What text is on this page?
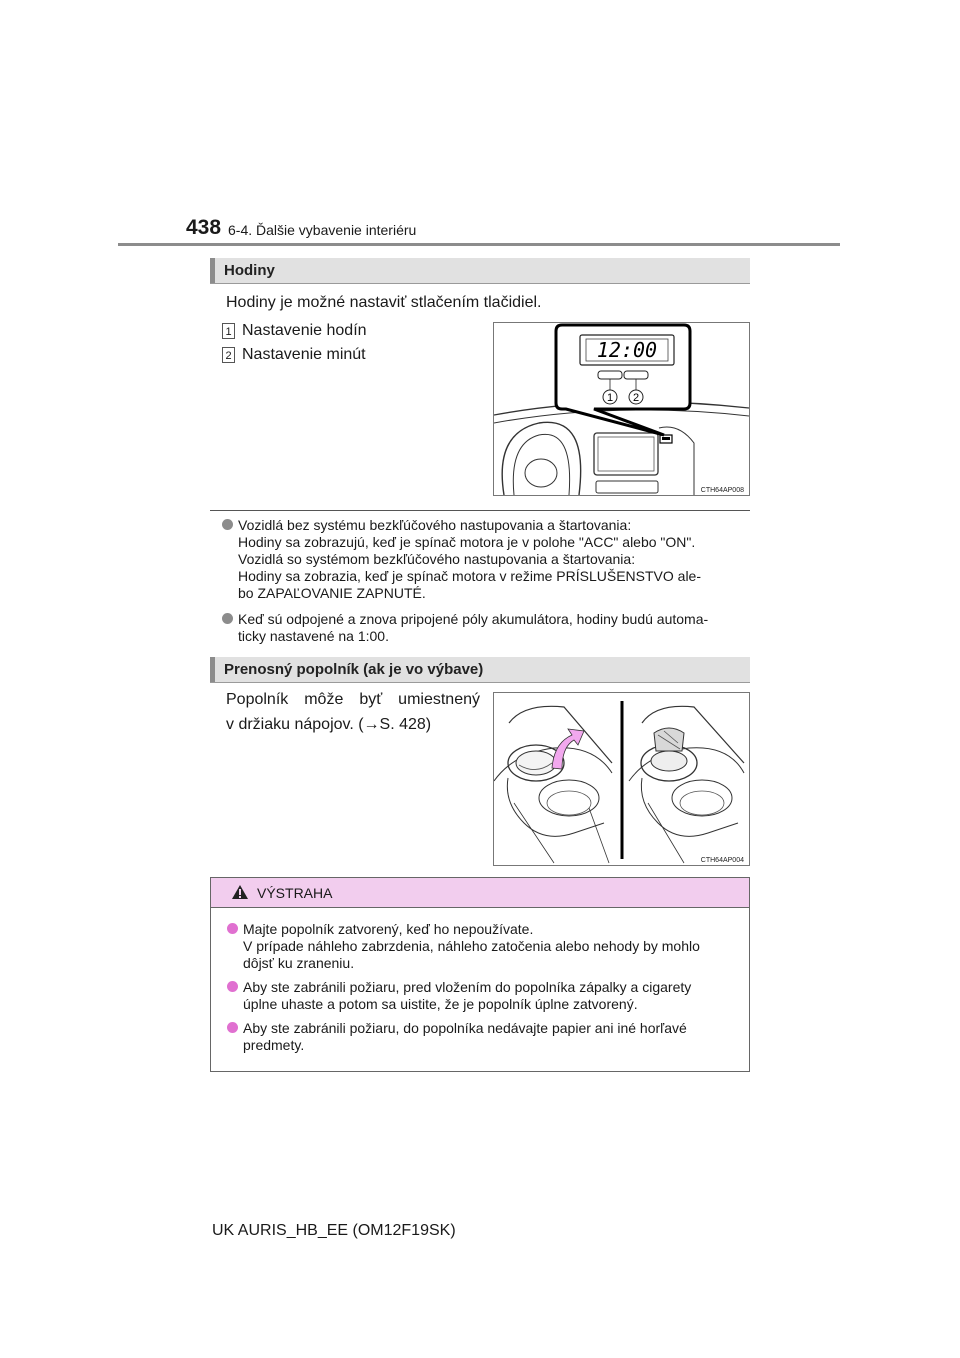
438 6-4. Ďalšie vybavenie interiéru
Hodiny
Hodiny je možné nastaviť stlačením tlačidiel.
1 Nastavenie hodín
2 Nastavenie minút	12:00
1 2
CTH64AP008
Vozidlá bez systému bezkľúčového nastupovania a štartovania:
Hodiny sa zobrazujú, keď je spínač motora je v polohe "ACC" alebo "ON".
Vozidlá so systémom bezkľúčového nastupovania a štartovania:
Hodiny sa zobrazia, keď je spínač motora v režime PRÍSLUŠENSTVO ale-
bo ZAPAĽOVANIE ZAPNUTÉ.
Keď sú odpojené a znova pripojené póly akumulátora, hodiny budú automa-
ticky nastavené na 1:00.
Prenosný popolník (ak je vo výbave)
Popolník môže byť umiestnený
v držiaku nápojov. (→S. 428)
CTH64AP004
VÝSTRAHA
Majte popolník zatvorený, keď ho nepoužívate.
V prípade náhleho zabrzdenia, náhleho zatočenia alebo nehody by mohlo
dôjsť ku zraneniu.
Aby ste zabránili požiaru, pred vložením do popolníka zápalky a cigarety
úplne uhaste a potom sa uistite, že je popolník úplne zatvorený.
Aby ste zabránili požiaru, do popolníka nedávajte papier ani iné horľavé
predmety.
UK AURIS_HB_EE (OM12F19SK)
